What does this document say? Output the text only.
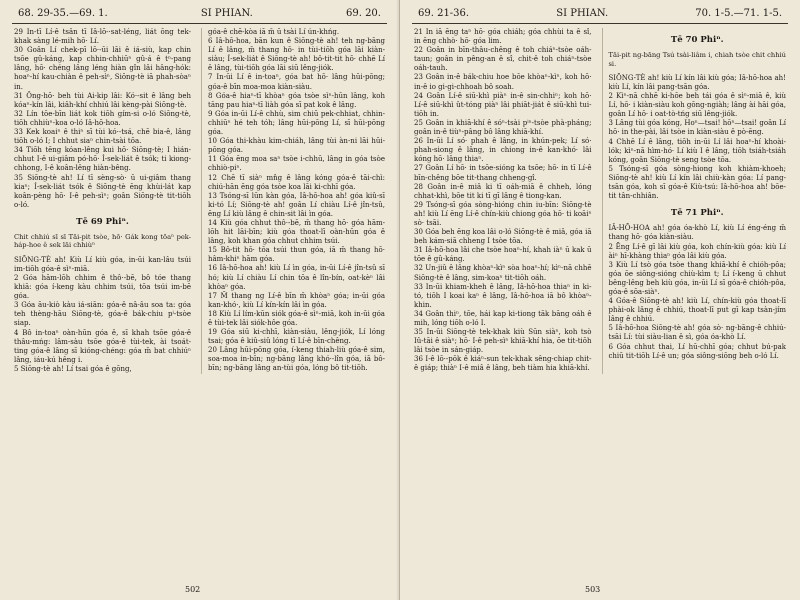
68. 29-35.—69. 1.	SI PHIAN.	69. 20.
29 In-tī Lí-ê tsân tī Iâ-lō-·sat-léng, liát ōng tek-khak sàng lé-mih hō· Lí.
30 Goân Lí chek-pī lō·-ūi lāi ê iá-siù, kap chin tsōe gû-káng, kap chhin-chhiūⁿ gû-á ê tⁿ-pang lâng, hō· chéng lâng léng hiàn gîn lâi hâng-hók: hoaⁿ-hí kau-chiàn ê peh-sìⁿ, Siōng-tè iā phah-sòaⁿ in.
31 Ông-hō· beh tùi Ai-kip lâi: Kó·-sit ê lâng beh kóaⁿ-kín lâi, kiâh-khí chhiú lâi kèng-pài Siōng-tè.
32 Lín tōe-bīn liát kok tiōh gím-si o-ló Siōng-tè, tiōh chhiùⁿ-koa o-ló Iâ-hō-hoa.
33 Kek koaiⁿ ê thiⁿ sī tùi kó·-tsá, chē bia-ê, lâng tiōh o-ló I; I chhut siaⁿ chin-tsài tōa.
34 Tiōh tēng kóan-lêng kui hō· Siōng-tè; I hián-chhut I-ê ui-giâm pó-hō· Í-sek-liát ê tsók; ti kiong-chhong, I-ê koân-lêng hiàn-bêng.
35 Siōng-tè ah! Lí tī sèng-sò· ū ui-giâm thang kiaⁿ; Í-sek-liát tsók ê Siōng-tè ēng khùi-lát kap koân-pèng hō· I-ê peh-sìⁿ; goân Siōng-tè tit-tiōh o-ló.
Tē 69 Phiⁿ.
Chit chhiú sī sī Tāi-pit tsòe, hō· Gák kong tōaⁿ pek-háp-hoe ê sek lāi chhiùⁿ
SIŌNG-TÈ ah! Kiù Lí kiù góa, in-ūi kan-lâu tsúi im-tiōh góa-ê sìⁿ-miā.
2 Góa hām-lōh chhim ê thô·-bē, bô tóe thang khiā: góa í-keng kàu chhim tsúi, tōa tsúi im-bē góa.
3 Góa āu-kiò kàu iá-siān: góa-ê nâ-âu soa ta: góa teh thèng-hāu Siōng-tè, góa-ê bák-chiu pⁱ-tsòe siap.
4 Bô in-toaⁿ oàn-hūn góa ê, sī khah tsōe góa-ê thâu-mńg: lâm-sàu tsōe góa-ê tùi-tek, ài tsoát-ting góa-ê lâng sī kióng-chéng: góa m̄ bat chhiúⁿ lâng, iáu-kú hêng i.
5 Siōng-tè ah! Lí tsai góa ê gōng,
góa-ê chē-kòa iā m̄ ū tsài Lí ún-khńg.
6 Iâ-hō-hoa, bān kun ê Siōng-tè ah! teh ng-bāng Lí ê lâng, m̄ thang hō· in tùi-tiōh góa lāi kiàn-siàu; Í-sek-liát ê Siōng-tè ah! bô-tit-tit hō· chhē Lí ê lâng, tùi-tiōh góa lāi siū lêng-jiók.
7 In-ūi Lí ê in-toaⁿ, góa bat hō· lâng hūi-pōng; góa-ê bīn moa-moa kiàn-siàu.
8 Góa-ê hiaⁿ-tī khòaⁿ góa tsòe sìⁿ-hūn lâng, koh tāng pau hiaⁿ-tī liàh góa sī pat kok ê lâng.
9 Góa in-ūi Lí-ê chhù, sim chiū pek-chhiat, chhin-chhiūⁿ hé teh tóh; lâng hūi-pōng Lí, sī hūi-pōng góa.
10 Góa thi-khàu kim-chiáh, lâng tùi àn-ni lāi hūi-pōng góa.
11 Góa ēng moa saⁿ tsòe i-chhū, lâng in góa tsòe chhiò-piⁿ.
12 Chē tī siàⁿ mn̂g ê lâng kóng góa-ê tāi-chì: chiú-hān ēng góa tsòe koa lāi ki-chhī góa.
13 Tsóng-sī lūn kàn góa, Iâ-hō-hoa ah! góa kiû-sī ki-tó Lí; Siōng-tè ah! goân Lí chiàu Lí-ê jîn-tsû, ēng Lí kiù lâng ê chin-sit lâi ìn góa.
14 Kiù góa chhut thô·-bē, m̄ thang hō· góa hām-lōh hit lāi-bīn; kiù góa thoat-lī oàn-hūn góa ê lâng, koh khan góa chhut chhim tsúi.
15 Bô-tit hō· tōa tsúi thun góa, iā m̄ thang hō· hâm-khiⁿ hām góa.
16 Iâ-hō-hoa ah! kiù Lí ìn góa, in-ūi Lí-ê jîn-tsû sī hó; kiù Lí chiàu Lí chin tōa ê lîn-bín, oat-kèⁿ lâi khòaⁿ góa.
17 M̄ thang ng Lí-ê bīn m̄ khòaⁿ góa; in-ūi góa kan-khó·, kiù Lí kín-kín lâi ìn góa.
18 Kiù Lí lím-kūn siók góa-ê sìⁿ-miā, koh in-ūi góa ê tùi-tek lâi siók-hôe góa.
19 Góa siū ki-chhī, kiàn-siàu, lêng-jiók, Lí lóng tsai; góa ê kiû-siû lóng tī Lí-ê bīn-chêng.
20 Lâng hūi-pōng góa, í-keng thiah-liù góa-ê sim, soa-moa in-bīn; ng-bāng lâng khó·-lîn góa, iā bô-bīn; ng-bāng lâng an-tùi góa, lóng bô tit-tiōh.
502
69. 21-36.	SI PHIAN.	70. 1-5.—71. 1-5.
21 In iā ēng taⁿ hō· góa chiáh; góa chhùi ta ê sî, in ēng chhò· hō· góa lim.
22 Goân in bīn-thâu-chêng ê toh chiáⁿ-tsòe oáh-taun; goân in pêng-an ê sî, chit-ê toh chiáⁿ-tsòe oáh-tauh.
23 Goân in-ê bák-chiu hoe bōe khòaⁿ-kìⁿ, koh hō· in-ê io gi-gi-chhoah bô soah.
24 Goân Lí-ê siū-khì piàⁿ in-ê sin-chhiⁿ; koh hō· Lí-ê siū-khì ût-tóng piàⁿ lâi phiāt-jiát ê siū-khì tui-tiōh in.
25 Goân in khiā-khí ê sóⁿ-tsài pⁱⁿ-tsòe phà-pháng; goân in-ê tiùⁿ-pâng bô lâng khiā-khí.
26 In-ūi Lí só· phah ê lâng, in khún-pek; Lí só· phah-siong ê lâng, in chiong in-ê kan-khó· lâi kóng hō· lâng thiaⁿ.
27 Goân Lí hō· in tsōe-sióng ka tsōe; hō· in tī Lí-ê bīn-chêng bōe tit-thang chheng-gî.
28 Goân in-ê miâ ki tī oáh-miā ê chheh, lóng chhat-khì, bōe tit ki tī gī lâng ê tiong-kan.
29 Tsóng-sī góa sòng-hióng chin iu-bīn: Siōng-tè ah! kiù Lí ēng Lí-ê chín-kiù chiong góa hō· ti koāiⁿ sò· tsāi.
30 Góa beh ēng koa lâi o-ló Siōng-tè ê miâ, góa iā beh kám-siā chheng I tsòe tōa.
31 Iâ-hō-hoa lâi che tsòe hoaⁿ-hí, khah iàⁿ ū kak ū tōe ê gû-káng.
32 Un-jiû ê lâng khòaⁿ-kìⁿ sòa hoaⁿ-hí; kìⁿ-nā chhē Siōng-tè ê lâng, sim-koaⁿ tit-tiōh oáh.
33 In-ūi khiam-kheh ê lâng, Iâ-hō-hoa thiaⁿ in ki-tó, tiōh I koai kaⁿ ê lâng, Iâ-hō-hoa iā bô khòaⁿ-khin.
34 Goân thiⁿ, tōe, hái kap ki-tiong tāk bāng oáh ê mih, lóng tiōh o-ló I.
35 In-ūi Siōng-tè tek-khak kiù Sūn siàⁿ, koh tsò Iû-tāi ê siàⁿ; hō· I-ê peh-sìⁿ khiā-khí hia, ōe tit-tiōh lâi tsòe in sán-giáp.
36 I-ê lō·-pōk ê kiáⁿ-sun tek-khak sêng-chiap chit-ê giáp; thiàⁿ I-ê miâ ê lâng, beh tiàm hia khiā-khí.
Tē 70 Phiⁿ.
Tāi-pit ng-bāng Tsú tsài-liâm i, chiah tsòe chit chhiú si.
SIŌNG-TÈ ah! kiù Lí kín lâi kiù góa; Iâ-hō-hoa ah! kiù Lí, kín lâi pang-tsān góa.
2 Kìⁿ-nā chhē ki-hōe beh tái góa ê sìⁿ-miā ê, kiù Lí, hō· i kiàn-siàu koh gōng-ngiàh; lâng ài hāi góa, goân Lí hō· i oat-tò-tńg siū lêng-jiók.
3 Lâng tùi góa kóng, Hoⁿ—tsai! hōⁿ—tsai! goân Lí hō· in the-pài, lâi tsòe in kiàn-siàu ê pò-ēng.
4 Chhē Lí ê lâng, tiōh in-ūi Lí lâi hoaⁿ-hí khoài-lók; kìⁿ-nā hìm-hó· Lí kiù I ê lâng, tiōh tsiáh-tsiáh kóng, goân Siōng-tè seng tsòe tōa.
5 Tsóng-sī góa sòng-hiong koh khiàm-khoeh; Siōng-tè ah! kiù Lí kín lâi chiù-kàn góa: Lí pang-tsān góa, koh sī góa-ê Kiù-tsú: Iâ-hō-hoa ah! bōe-tit tân-chhiân.
Tē 71 Phiⁿ.
IÂ-HŌ-HOA ah! góa óa-khò Lí, kiù Lí éng-éng m̄ thang hō· góa kiàn-siàu.
2 Ēng Lí-ê gī lâi kiù góa, koh chín-kiù góa: kiù Lí àiⁿ hī-khàng thiaⁿ góa lâi kiù góa.
3 Kiù Lí tsò góa tsòe thang khiā-khí ê chióh-pôa; góa ōe siōng-sióng chiù-kìm t; Lí í-keng ū chhut bêng-lêng beh kiù góa, in-ūi Lí sī góa-ê chióh-pôa, góa-ê sōa-siàⁿ.
4 Góa-ê Siōng-tè ah! kiù Lí, chín-kiù góa thoat-lī phài-ok lâng ê chhiú, thoat-lī put gī kap tsàn-jím lâng ê chhiú.
5 Iâ-hō-hoa Siōng-tè ah! góa sò· ng-bāng-ê chhiú-tsāi Lí: tùi siàu-lian ê sì, góa óa-khò Lí.
6 Góa chhut thai, Lí hū-chhī góa; chhut bú-pak chiū tit-tiōh Lí-ê un; góa siông-siōng beh o-ló Lí.
503
